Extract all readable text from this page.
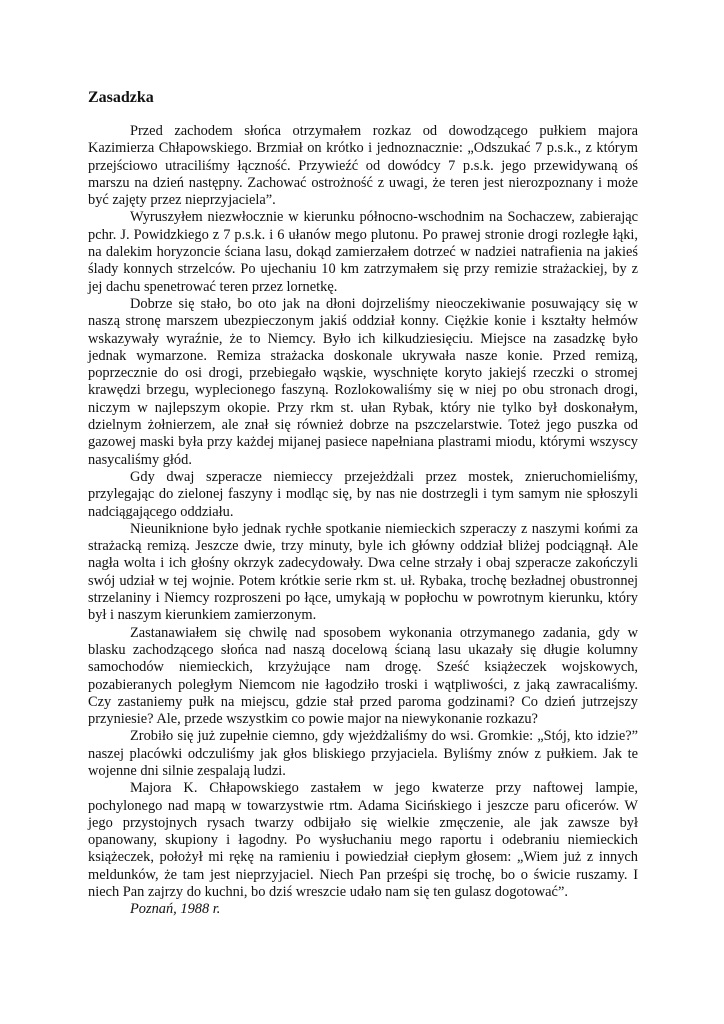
Zasadzka

Przed zachodem słońca otrzymałem rozkaz od dowodzącego pułkiem majora Kazimierza Chłapowskiego. Brzmiał on krótko i jednoznacznie: „Odszukać 7 p.s.k., z którym przejściowo utraciliśmy łączność. Przywieźć od dowódcy 7 p.s.k. jego przewidywaną oś marszu na dzień następny. Zachować ostrożność z uwagi, że teren jest nierozpoznany i może być zajęty przez nieprzyjaciela”.

Wyruszyłem niezwłocznie w kierunku północno-wschodnim na Sochaczew, zabierając pchr. J. Powidzkiego z 7 p.s.k. i 6 ułanów mego plutonu. Po prawej stronie drogi rozległe łąki, na dalekim horyzoncie ściana lasu, dokąd zamierzałem dotrzeć w nadziei natrafienia na jakieś ślady konnych strzelców. Po ujechaniu 10 km zatrzymałem się przy remizie strażackiej, by z jej dachu spenetrować teren przez lornetkę.

Dobrze się stało, bo oto jak na dłoni dojrzeliśmy nieoczekiwanie posuwający się w naszą stronę marszem ubezpieczonym jakiś oddział konny. Ciężkie konie i kształty hełmów wskazywały wyraźnie, że to Niemcy. Było ich kilkudziesięciu. Miejsce na zasadzkę było jednak wymarzone. Remiza strażacka doskonale ukrywała nasze konie. Przed remizą, poprzecznie do osi drogi, przebiegało wąskie, wyschnięte koryto jakiejś rzeczki o stromej krawędzi brzegu, wyplecionego faszyną. Rozlokowaliśmy się w niej po obu stronach drogi, niczym w najlepszym okopie. Przy rkm st. ułan Rybak, który nie tylko był doskonałym, dzielnym żołnierzem, ale znał się również dobrze na pszczelarstwie. Toteż jego puszka od gazowej maski była przy każdej mijanej pasiece napełniana plastrami miodu, którymi wszyscy nasycaliśmy głód.

Gdy dwaj szperacze niemieccy przejeżdżali przez mostek, znieruchomieliśmy, przylegając do zielonej faszyny i modląc się, by nas nie dostrzegli i tym samym nie spłoszyli nadciągającego oddziału.

Nieuniknione było jednak rychłe spotkanie niemieckich szperaczy z naszymi końmi za strażacką remizą. Jeszcze dwie, trzy minuty, byle ich główny oddział bliżej podciągnął. Ale nagła wolta i ich głośny okrzyk zadecydowały. Dwa celne strzały i obaj szperacze zakończyli swój udział w tej wojnie. Potem krótkie serie rkm st. uł. Rybaka, trochę bezładnej obustronnej strzelaniny i Niemcy rozproszeni po łące, umykają w popłochu w powrotnym kierunku, który był i naszym kierunkiem zamierzonym.

Zastanawiałem się chwilę nad sposobem wykonania otrzymanego zadania, gdy w blasku zachodzącego słońca nad naszą docelową ścianą lasu ukazały się długie kolumny samochodów niemieckich, krzyżujące nam drogę. Sześć książeczek wojskowych, pozabieranych poległym Niemcom nie łagodziło troski i wątpliwości, z jaką zawracaliśmy. Czy zastaniemy pułk na miejscu, gdzie stał przed paroma godzinami? Co dzień jutrzejszy przyniesie? Ale, przede wszystkim co powie major na niewykonanie rozkazu?

Zrobiło się już zupełnie ciemno, gdy wjeżdżaliśmy do wsi. Gromkie: „Stój, kto idzie?” naszej placówki odczuliśmy jak głos bliskiego przyjaciela. Byliśmy znów z pułkiem. Jak te wojenne dni silnie zespalają ludzi.

Majora K. Chłapowskiego zastałem w jego kwaterze przy naftowej lampie, pochylonego nad mapą w towarzystwie rtm. Adama Sicińskiego i jeszcze paru oficerów. W jego przystojnych rysach twarzy odbijało się wielkie zmęczenie, ale jak zawsze był opanowany, skupiony i łagodny. Po wysłuchaniu mego raportu i odebraniu niemieckich książeczek, położył mi rękę na ramieniu i powiedział ciepłym głosem: „Wiem już z innych meldunków, że tam jest nieprzyjaciel. Niech Pan prześpi się trochę, bo o świcie ruszamy. I niech Pan zajrzy do kuchni, bo dziś wreszcie udało nam się ten gulasz dogotować”.

Poznań, 1988 r.
